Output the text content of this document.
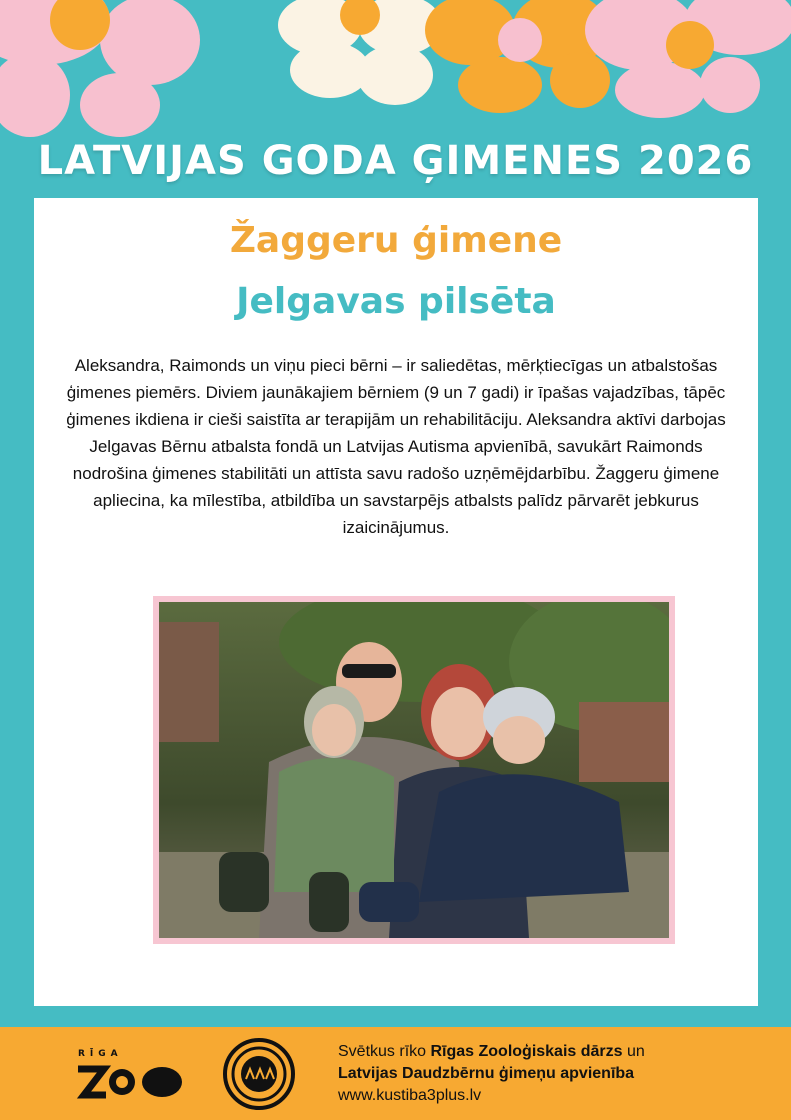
LATVIJAS GODA ĢIMENES 2026
Žaggeru ģimene
Jelgavas pilsēta
Aleksandra, Raimonds un viņu pieci bērni – ir saliedētas, mērķtiecīgas un atbalstošas ģimenes piemērs. Diviem jaunākajiem bērniem (9 un 7 gadi) ir īpašas vajadzības, tāpēc ģimenes ikdiena ir cieši saistīta ar terapijām un rehabilitāciju. Aleksandra aktīvi darbojas Jelgavas Bērnu atbalsta fondā un Latvijas Autisma apvienībā, savukārt Raimonds nodrošina ģimenes stabilitāti un attīsta savu radošo uzņēmējdarbību. Žaggeru ģimene apliecina, ka mīlestība, atbildība un savstarpējs atbalsts palīdz pārvarēt jebkurus izaicinājumus.
RĪGA	Svētkus rīko Rīgas Zooloģiskais dārzs un
Latvijas Daudzbērnu ģimeņu apvienība
www.kustiba3plus.lv
